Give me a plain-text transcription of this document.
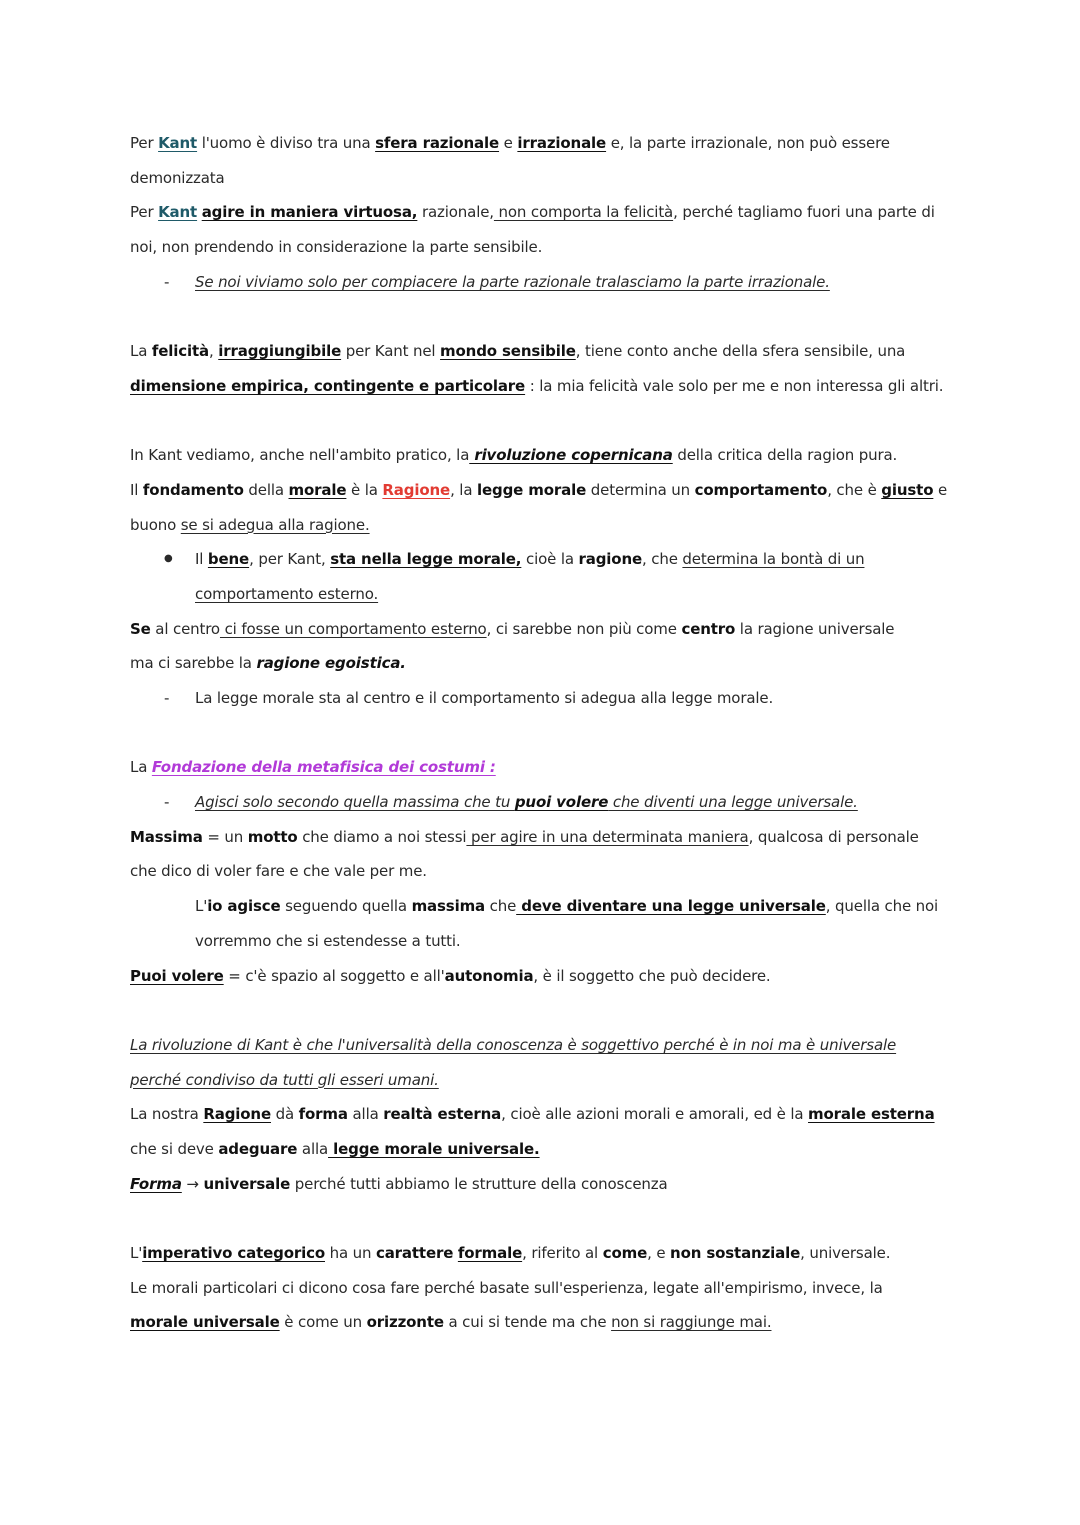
Per Kant l'uomo è diviso tra una sfera razionale e irrazionale e, la parte irrazionale, non può essere
demonizzata
Per Kant agire in maniera virtuosa, razionale, non comporta la felicità, perché tagliamo fuori una parte di
noi, non prendendo in considerazione la parte sensibile.
- Se noi viviamo solo per compiacere la parte razionale tralasciamo la parte irrazionale.
La felicità, irraggiungibile per Kant nel mondo sensibile, tiene conto anche della sfera sensibile, una
dimensione empirica, contingente e particolare : la mia felicità vale solo per me e non interessa gli altri.
In Kant vediamo, anche nell'ambito pratico, la rivoluzione copernicana della critica della ragion pura.
Il fondamento della morale è la Ragione, la legge morale determina un comportamento, che è giusto e
buono se si adegua alla ragione.
● Il bene, per Kant, sta nella legge morale, cioè la ragione, che determina la bontà di un
comportamento esterno.
Se al centro ci fosse un comportamento esterno, ci sarebbe non più come centro la ragione universale
ma ci sarebbe la ragione egoistica.
- La legge morale sta al centro e il comportamento si adegua alla legge morale.
La Fondazione della metafisica dei costumi :
- Agisci solo secondo quella massima che tu puoi volere che diventi una legge universale.
Massima = un motto che diamo a noi stessi per agire in una determinata maniera, qualcosa di personale
che dico di voler fare e che vale per me.
L'io agisce seguendo quella massima che deve diventare una legge universale, quella che noi
vorremmo che si estendesse a tutti.
Puoi volere = c'è spazio al soggetto e all'autonomia, è il soggetto che può decidere.
La rivoluzione di Kant è che l'universalità della conoscenza è soggettivo perché è in noi ma è universale
perché condiviso da tutti gli esseri umani.
La nostra Ragione dà forma alla realtà esterna, cioè alle azioni morali e amorali, ed è la morale esterna
che si deve adeguare alla legge morale universale.
Forma → universale perché tutti abbiamo le strutture della conoscenza
L'imperativo categorico ha un carattere formale, riferito al come, e non sostanziale, universale.
Le morali particolari ci dicono cosa fare perché basate sull'esperienza, legate all'empirismo, invece, la
morale universale è come un orizzonte a cui si tende ma che non si raggiunge mai.
